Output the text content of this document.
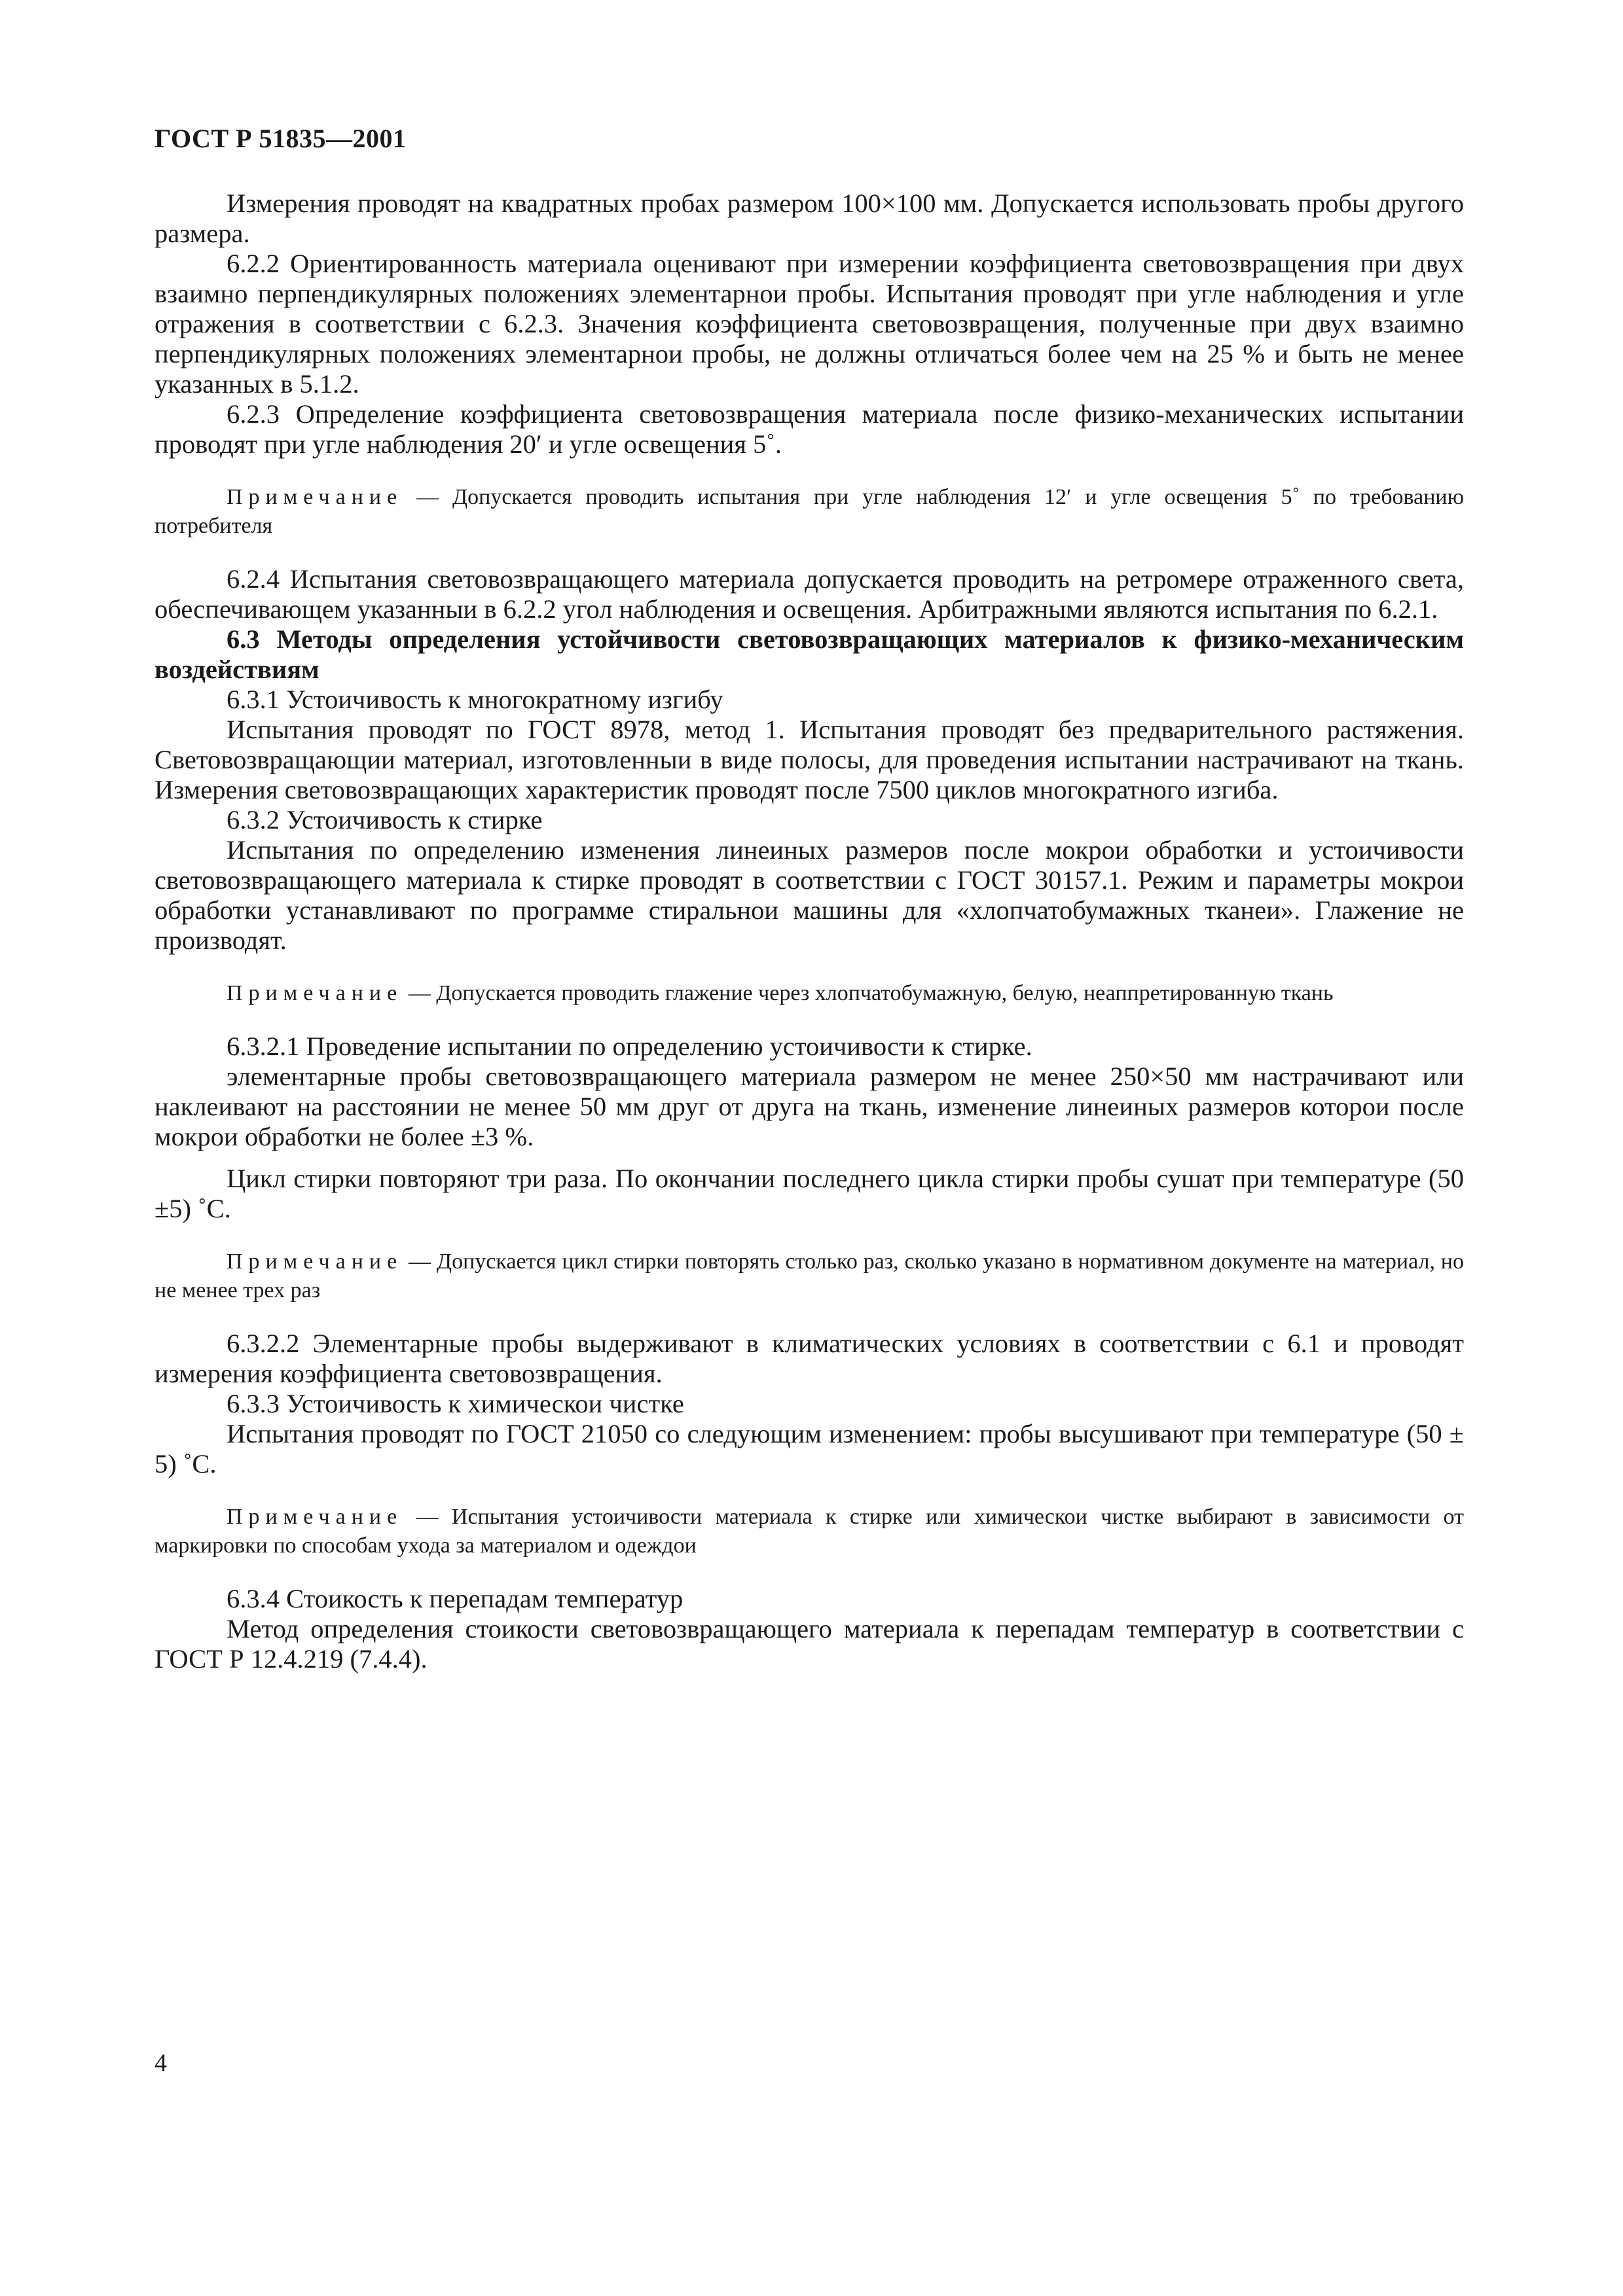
ГОСТ Р 51835—2001

Измерения проводят на квадратных пробах размером 100×100 мм. Допускается использовать пробы другого размера.

6.2.2 Ориентированность материала оценивают при измерении коэффициента световозвращения при двух взаимно перпендикулярных положениях элементарнои пробы. Испытания проводят при угле наблюдения и угле отражения в соответствии с 6.2.3. Значения коэффициента световозвращения, полученные при двух взаимно перпендикулярных положениях элементарнои пробы, не должны отличаться более чем на 25 % и быть не менее указанных в 5.1.2.

6.2.3 Определение коэффициента световозвращения материала после физико-механических испытании проводят при угле наблюдения 20′ и угле освещения 5˚.

Примечание — Допускается проводить испытания при угле наблюдения 12′ и угле освещения 5˚ по требованию потребителя

6.2.4 Испытания световозвращающего материала допускается проводить на ретромере отраженного света, обеспечивающем указанныи в 6.2.2 угол наблюдения и освещения. Арбитражными являются испытания по 6.2.1.

6.3 Методы определения устойчивости световозвращающих материалов к физико-механическим воздействиям

6.3.1 Устоичивость к многократному изгибу

Испытания проводят по ГОСТ 8978, метод 1. Испытания проводят без предварительного растяжения. Световозвращающии материал, изготовленныи в виде полосы, для проведения испытании настрачивают на ткань. Измерения световозвращающих характеристик проводят после 7500 циклов многократного изгиба.

6.3.2 Устоичивость к стирке

Испытания по определению изменения линеиных размеров после мокрои обработки и устоичивости световозвращающего материала к стирке проводят в соответствии с ГОСТ 30157.1. Режим и параметры мокрои обработки устанавливают по программе стиральнои машины для «хлопчатобумажных тканеи». Глажение не производят.

Примечание — Допускается проводить глажение через хлопчатобумажную, белую, неаппретированную ткань

6.3.2.1 Проведение испытании по определению устоичивости к стирке.

элементарные пробы световозвращающего материала размером не менее 250×50 мм настрачивают или наклеивают на расстоянии не менее 50 мм друг от друга на ткань, изменение линеиных размеров которои после мокрои обработки не более ±3 %.

Цикл стирки повторяют три раза. По окончании последнего цикла стирки пробы сушат при температуре (50 ±5) ˚С.

Примечание — Допускается цикл стирки повторять столько раз, сколько указано в нормативном документе на материал, но не менее трех раз

6.3.2.2 Элементарные пробы выдерживают в климатических условиях в соответствии с 6.1 и проводят измерения коэффициента световозвращения.

6.3.3 Устоичивость к химическои чистке

Испытания проводят по ГОСТ 21050 со следующим изменением: пробы высушивают при температуре (50 ± 5) ˚С.

Примечание — Испытания устоичивости материала к стирке или химическои чистке выбирают в зависимости от маркировки по способам ухода за материалом и одеждои

6.3.4 Стоикость к перепадам температур

Метод определения стоикости световозвращающего материала к перепадам температур в соответствии с ГОСТ Р 12.4.219 (7.4.4).

4
